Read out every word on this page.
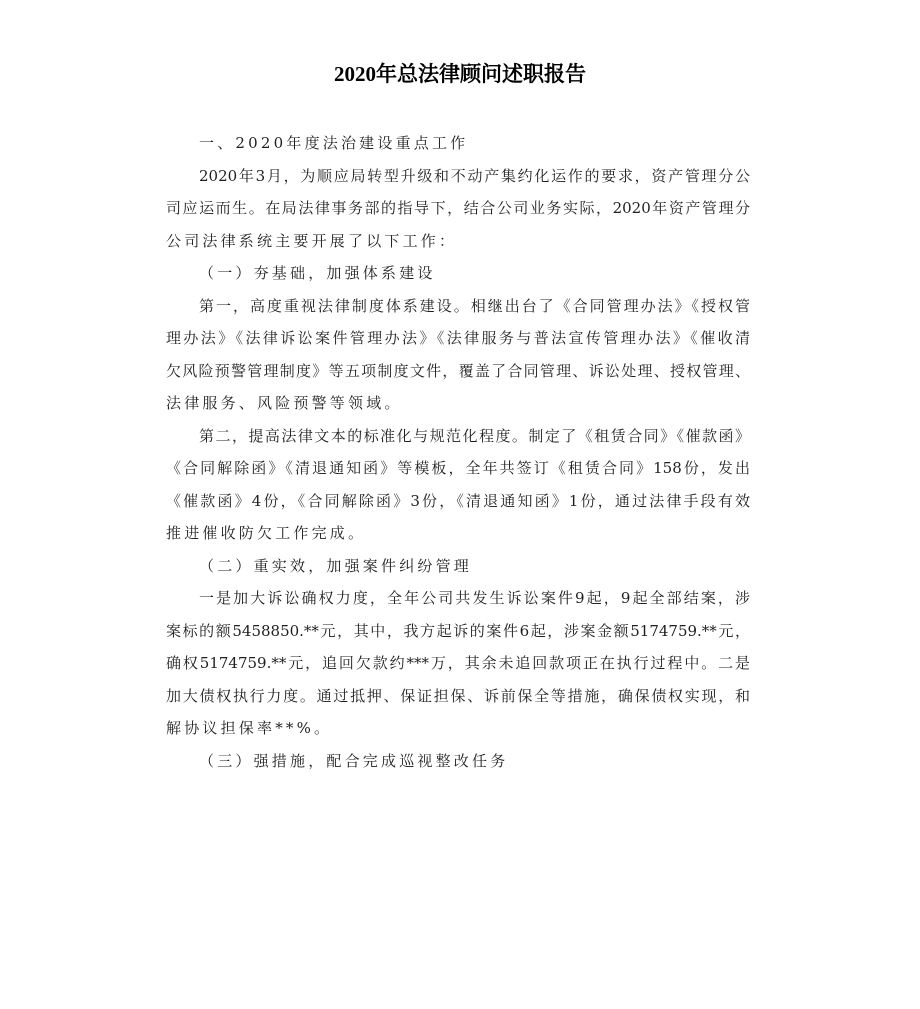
2020年总法律顾问述职报告
一、2020年度法治建设重点工作
2020年3月，为顺应局转型升级和不动产集约化运作的要求，资产管理分公
司应运而生。在局法律事务部的指导下，结合公司业务实际，2020年资产管理分
公司法律系统主要开展了以下工作：
（一）夯基础，加强体系建设
第一，高度重视法律制度体系建设。相继出台了《合同管理办法》《授权管
理办法》《法律诉讼案件管理办法》《法律服务与普法宣传管理办法》《催收清
欠风险预警管理制度》等五项制度文件，覆盖了合同管理、诉讼处理、授权管理、
法律服务、风险预警等领域。
第二，提高法律文本的标准化与规范化程度。制定了《租赁合同》《催款函》
《合同解除函》《清退通知函》等模板，全年共签订《租赁合同》158份，发出
《催款函》4份，《合同解除函》3份，《清退通知函》1份，通过法律手段有效
推进催收防欠工作完成。
（二）重实效，加强案件纠纷管理
一是加大诉讼确权力度，全年公司共发生诉讼案件9起，9起全部结案，涉
案标的额5458850.**元，其中，我方起诉的案件6起，涉案金额5174759.**元，
确权5174759.**元，追回欠款约***万，其余未追回款项正在执行过程中。二是
加大债权执行力度。通过抵押、保证担保、诉前保全等措施，确保债权实现，和
解协议担保率**%。
（三）强措施，配合完成巡视整改任务
